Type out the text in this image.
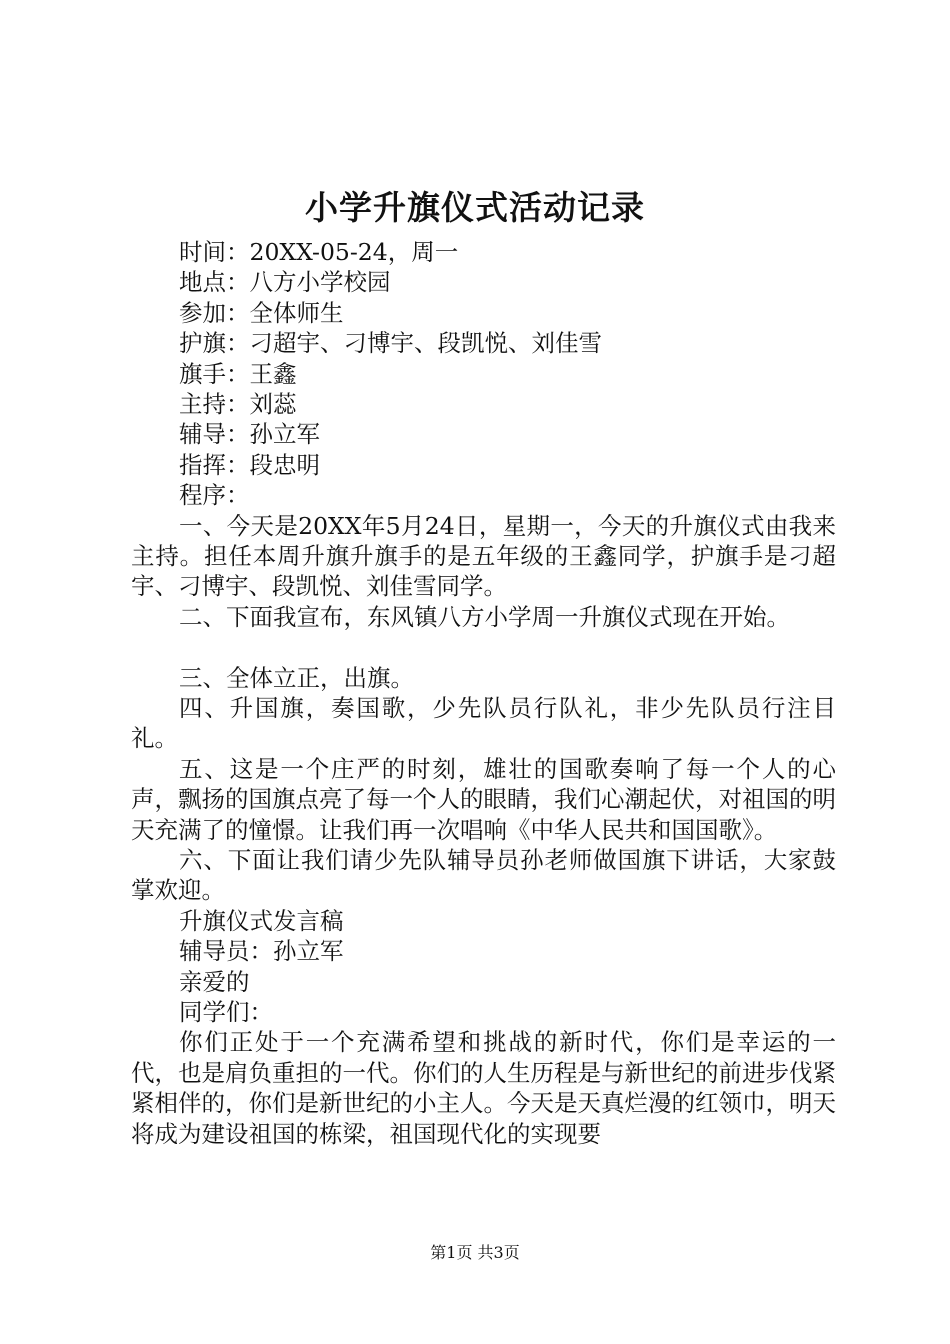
小学升旗仪式活动记录
时间：20XX-05-24，周一
地点：八方小学校园
参加：全体师生
护旗：刁超宇、刁博宇、段凯悦、刘佳雪
旗手：王鑫
主持：刘蕊
辅导：孙立军
指挥：段忠明
程序：
一、今天是20XX年5月24日，星期一，今天的升旗仪式由我来主持。担任本周升旗升旗手的是五年级的王鑫同学，护旗手是刁超宇、刁博宇、段凯悦、刘佳雪同学。
二、下面我宣布，东风镇八方小学周一升旗仪式现在开始。
三、全体立正，出旗。
四、升国旗，奏国歌，少先队员行队礼，非少先队员行注目礼。
五、这是一个庄严的时刻，雄壮的国歌奏响了每一个人的心声，飘扬的国旗点亮了每一个人的眼睛，我们心潮起伏，对祖国的明天充满了的憧憬。让我们再一次唱响《中华人民共和国国歌》。
六、下面让我们请少先队辅导员孙老师做国旗下讲话，大家鼓掌欢迎。
升旗仪式发言稿
辅导员：孙立军
亲爱的
同学们：
你们正处于一个充满希望和挑战的新时代，你们是幸运的一代，也是肩负重担的一代。你们的人生历程是与新世纪的前进步伐紧紧相伴的，你们是新世纪的小主人。今天是天真烂漫的红领巾，明天将成为建设祖国的栋梁，祖国现代化的实现要
第1页 共3页
